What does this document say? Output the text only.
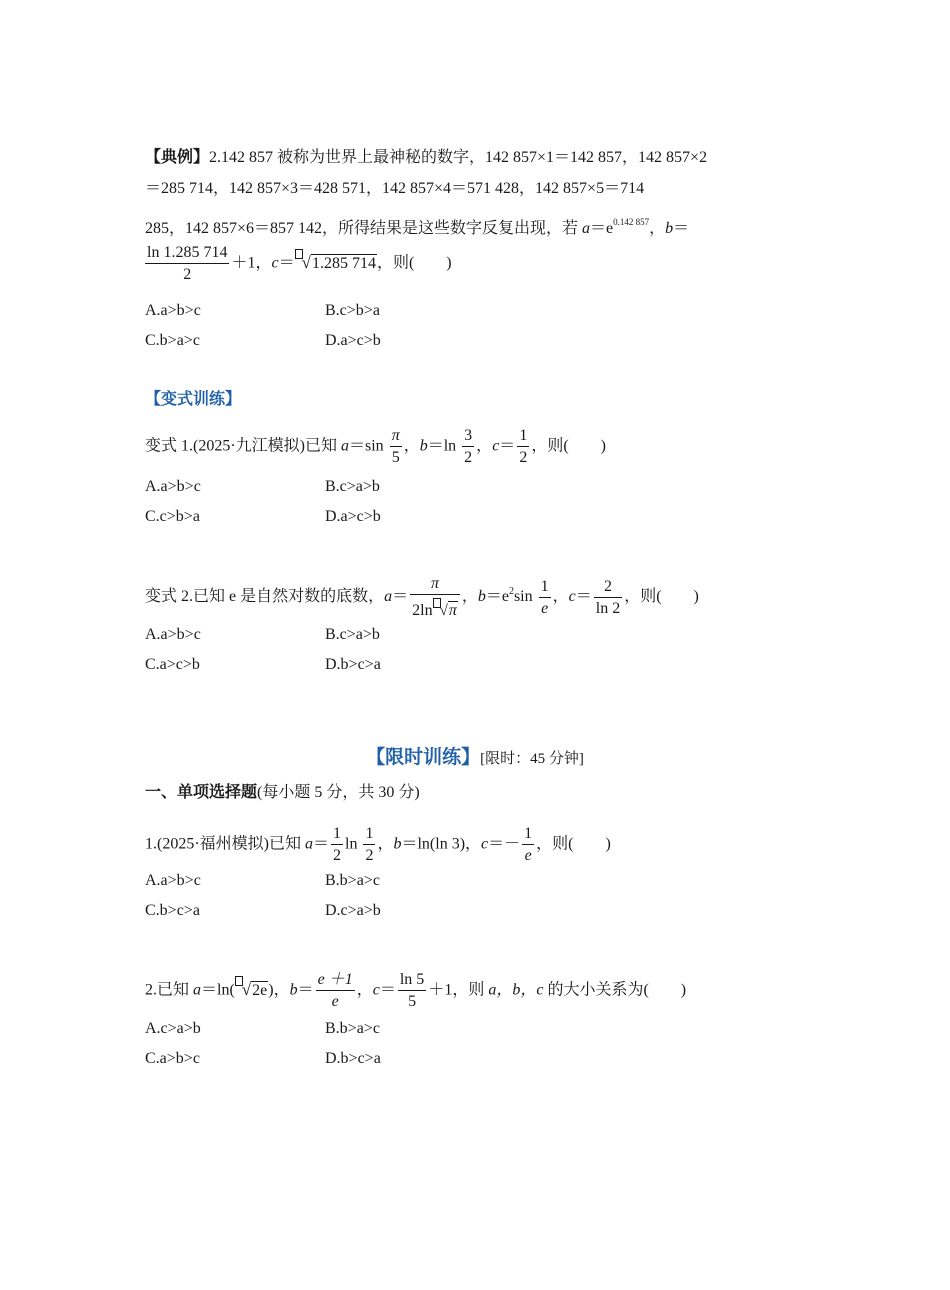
【典例】2.142 857 被称为世界上最神秘的数字，142 857×1＝142 857，142 857×2
＝285 714，142 857×3＝428 571，142 857×4＝571 428，142 857×5＝714
285，142 857×6＝857 142，所得结果是这些数字反复出现，若 $a=e^{0.142 857}$，b＝
$\frac{\ln 1.285 714}{2} +1$，c＝ √1.285 714，则(　　)
A.a>b>c	B.c>b>a
C.b>a>c	D.a>c>b
【变式训练】
变式 1.(2025·九江模拟)已知 $a=\sin \frac{\pi}{5}$ ，$b=\ln \frac{3}{2}$ ，$c= \frac{1}{2}$ ，则(　　)
A.a>b>c	B.c>a>b
C.c>b>a	D.a>c>b
变式 2.已知 e 是自然对数的底数，$a= \frac{\pi}{2\ln √\pi}$ ，$b=e^2\sin \frac{1}{e}$ ，$c= \frac{2}{\ln 2}$ ，则(　　)
A.a>b>c	B.c>a>b
C.a>c>b	D.b>c>a
【限时训练】[限时：45 分钟]
一、单项选择题(每小题 5 分，共 30 分)
1.(2025·福州模拟)已知 $a= \frac{1}{2}$ $\ln \frac{1}{2}$ ，b＝ln(ln 3)，$c=- \frac{1}{e}$ ，则(　　)
A.a>b>c	B.b>a>c
C.b>c>a	D.c>a>b
2.已知 a＝ln( √2e)，$b= \frac{e +1}{e}$ ，$c= \frac{\ln 5}{5} +1$，则 a，b，c 的大小关系为(　　)
A.c>a>b	B.b>a>c
C.a>b>c	D.b>c>a
